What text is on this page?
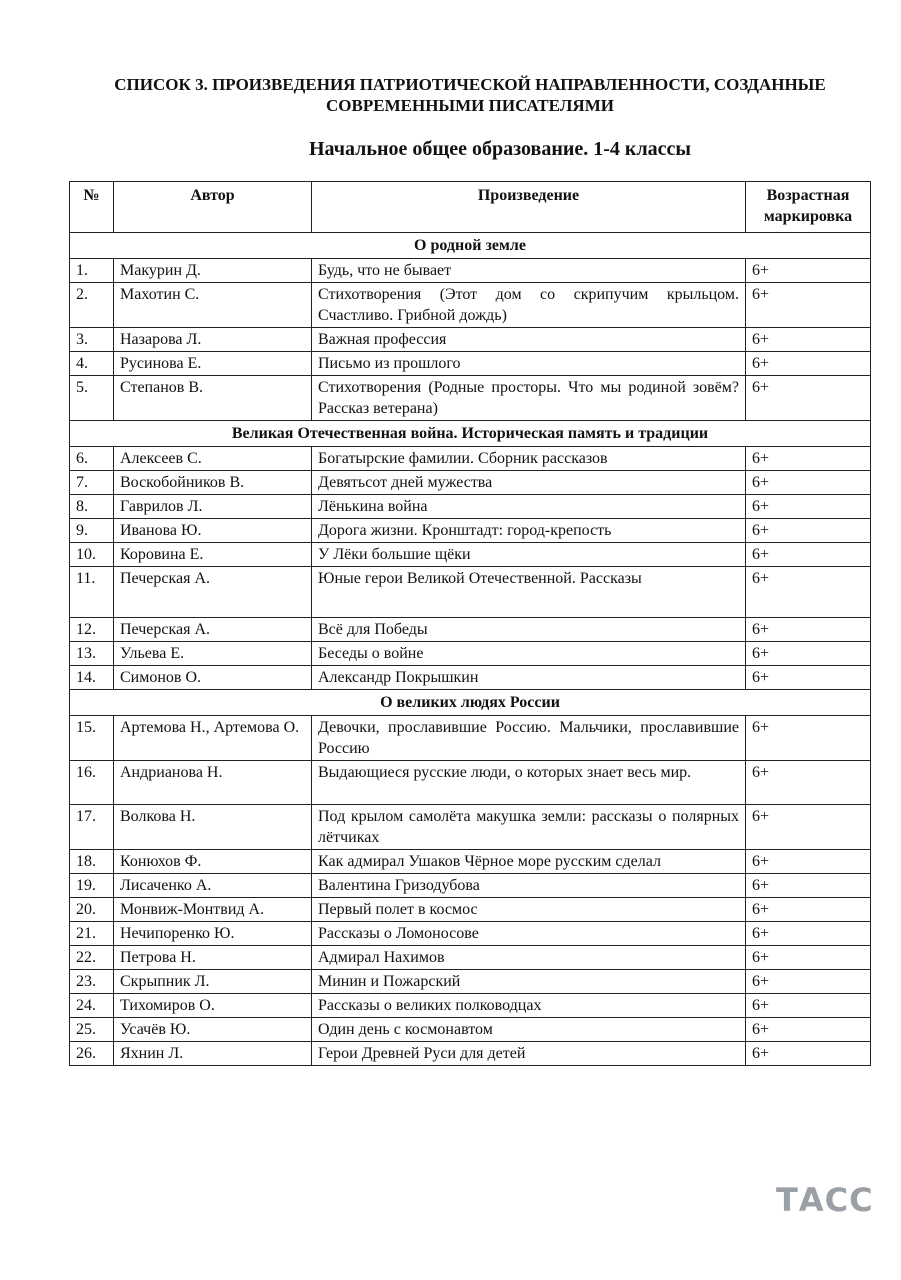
СПИСОК 3. ПРОИЗВЕДЕНИЯ ПАТРИОТИЧЕСКОЙ НАПРАВЛЕННОСТИ, СОЗДАННЫЕ СОВРЕМЕННЫМИ ПИСАТЕЛЯМИ
Начальное общее образование. 1-4 классы
№	Автор	Произведение	Возрастная маркировка
О родной земле			
1.	Макурин Д.	Будь, что не бывает	6+
2.	Махотин С.	Стихотворения (Этот дом со скрипучим крыльцом. Счастливо. Грибной дождь)	6+
3.	Назарова Л.	Важная профессия	6+
4.	Русинова Е.	Письмо из прошлого	6+
5.	Степанов В.	Стихотворения (Родные просторы. Что мы родиной зовём? Рассказ ветерана)	6+
Великая Отечественная война. Историческая память и традиции			
6.	Алексеев С.	Богатырские фамилии. Сборник рассказов	6+
7.	Воскобойников В.	Девятьсот дней мужества	6+
8.	Гаврилов Л.	Лёнькина война	6+
9.	Иванова Ю.	Дорога жизни. Кронштадт: город-крепость	6+
10.	Коровина Е.	У Лёки большие щёки	6+
11.	Печерская А.	Юные герои Великой Отечественной. Рассказы	6+
12.	Печерская А.	Всё для Победы	6+
13.	Ульева Е.	Беседы о войне	6+
14.	Симонов О.	Александр Покрышкин	6+
О великих людях России			
15.	Артемова Н., Артемова О.	Девочки, прославившие Россию. Мальчики, прославившие Россию	6+
16.	Андрианова Н.	Выдающиеся русские люди, о которых знает весь мир.	6+
17.	Волкова Н.	Под крылом самолёта макушка земли: рассказы о полярных лётчиках	6+
18.	Конюхов Ф.	Как адмирал Ушаков Чёрное море русским сделал	6+
19.	Лисаченко А.	Валентина Гризодубова	6+
20.	Монвиж-Монтвид А.	Первый полет в космос	6+
21.	Нечипоренко Ю.	Рассказы о Ломоносове	6+
22.	Петрова Н.	Адмирал Нахимов	6+
23.	Скрыпник Л.	Минин и Пожарский	6+
24.	Тихомиров О.	Рассказы о великих полководцах	6+
25.	Усачёв Ю.	Один день с космонавтом	6+
26.	Яхнин Л.	Герои Древней Руси для детей	6+
ТАСС
